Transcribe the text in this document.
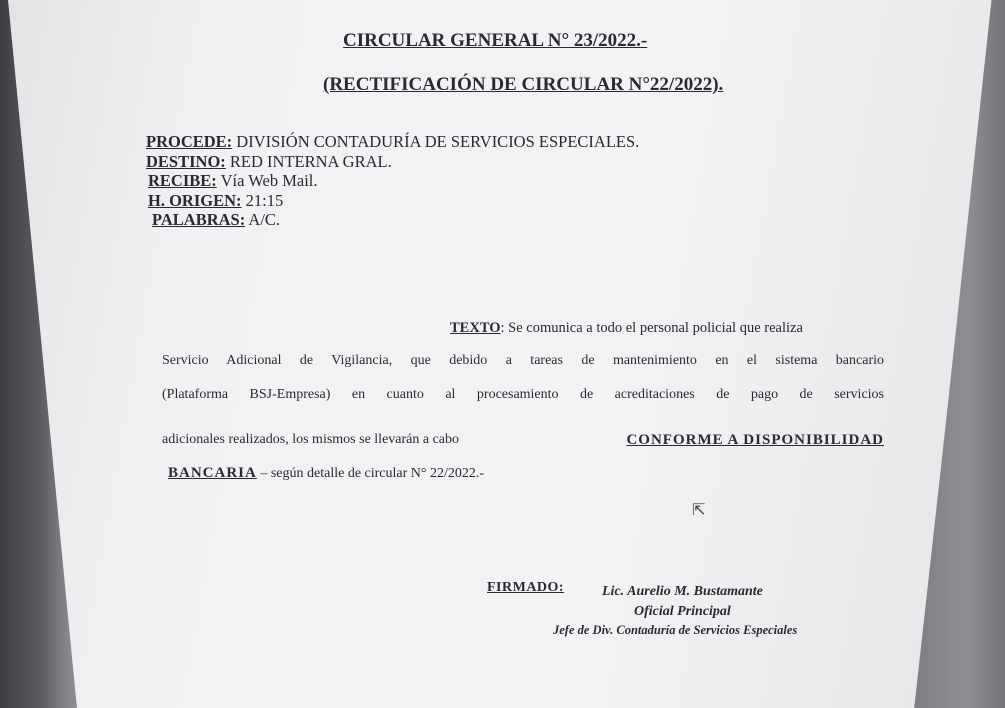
CIRCULAR GENERAL N° 23/2022.-
(RECTIFICACIÓN DE CIRCULAR N°22/2022).
PROCEDE: DIVISIÓN CONTADURÍA DE SERVICIOS ESPECIALES.
DESTINO: RED INTERNA GRAL.
RECIBE: Vía Web Mail.
H. ORIGEN: 21:15
PALABRAS: A/C.
TEXTO: Se comunica a todo el personal policial que realiza
Servicio Adicional de Vigilancia, que debido a tareas de mantenimiento en el sistema bancario
(Plataforma BSJ-Empresa) en cuanto al procesamiento de acreditaciones de pago de servicios
adicionales realizados, los mismos se llevarán a cabo	CONFORME A DISPONIBILIDAD
BANCARIA – según detalle de circular N° 22/2022.-
⇱
FIRMADO:	Lic. Aurelio M. Bustamante
Oficial Principal
Jefe de Div. Contaduría de Servicios Especiales
